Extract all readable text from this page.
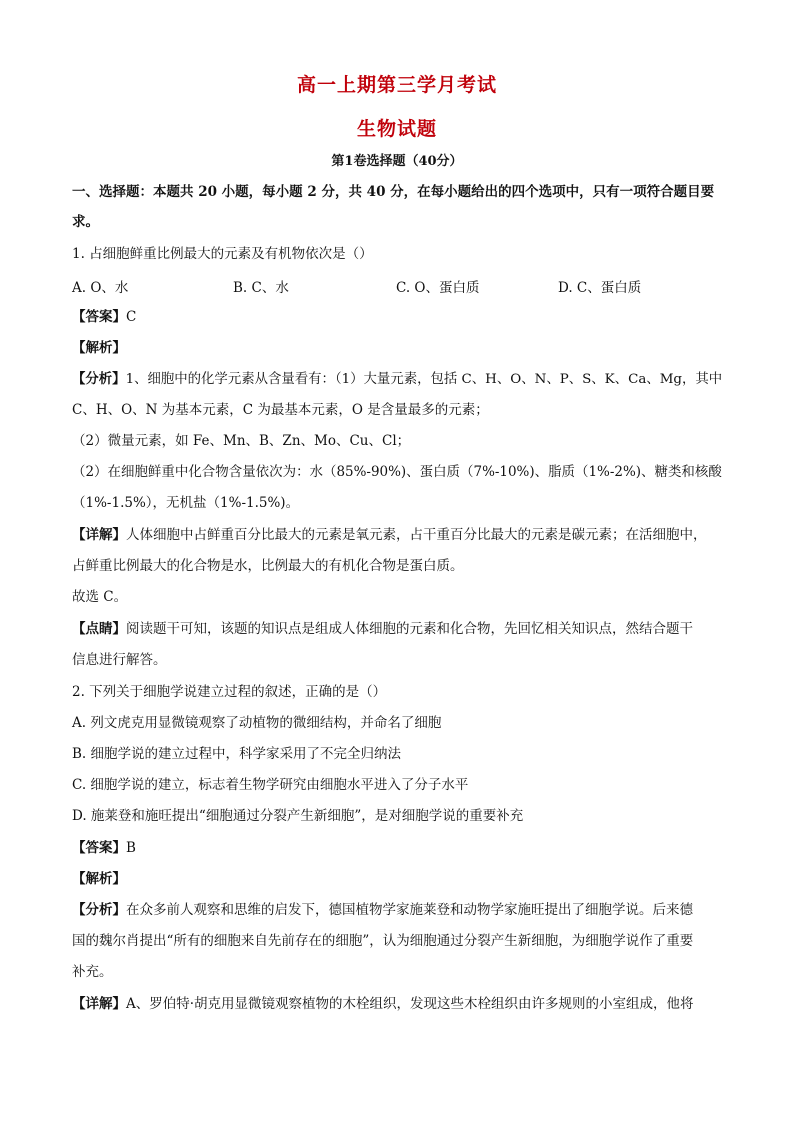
高一上期第三学月考试
生物试题
第1卷选择题（40分）
一、选择题：本题共 20 小题，每小题 2 分，共 40 分，在每小题给出的四个选项中，只有一项符合题目要
求。
1. 占细胞鲜重比例最大的元素及有机物依次是（）
A. O、水	B. C、水	C. O、蛋白质	D. C、蛋白质
【答案】C
【解析】
【分析】1、细胞中的化学元素从含量看有：（1）大量元素，包括 C、H、O、N、P、S、K、Ca、Mg，其中
C、H、O、N 为基本元素，C 为最基本元素，O 是含量最多的元素；
（2）微量元素，如 Fe、Mn、B、Zn、Mo、Cu、Cl；
（2）在细胞鲜重中化合物含量依次为：水（85%-90%)、蛋白质（7%-10%)、脂质（1%-2%)、糖类和核酸
（1%-1.5%），无机盐（1%-1.5%)。
【详解】人体细胞中占鲜重百分比最大的元素是氧元素，占干重百分比最大的元素是碳元素；在活细胞中，
占鲜重比例最大的化合物是水，比例最大的有机化合物是蛋白质。
故选 C。
【点睛】阅读题干可知，该题的知识点是组成人体细胞的元素和化合物，先回忆相关知识点，然结合题干
信息进行解答。
2. 下列关于细胞学说建立过程的叙述，正确的是（）
A. 列文虎克用显微镜观察了动植物的微细结构，并命名了细胞
B. 细胞学说的建立过程中，科学家采用了不完全归纳法
C. 细胞学说的建立，标志着生物学研究由细胞水平进入了分子水平
D. 施莱登和施旺提出“细胞通过分裂产生新细胞”，是对细胞学说的重要补充
【答案】B
【解析】
【分析】在众多前人观察和思维的启发下，德国植物学家施莱登和动物学家施旺提出了细胞学说。后来德
国的魏尔肖提出“所有的细胞来自先前存在的细胞”，认为细胞通过分裂产生新细胞，为细胞学说作了重要
补充。
【详解】A、罗伯特·胡克用显微镜观察植物的木栓组织，发现这些木栓组织由许多规则的小室组成，他将
